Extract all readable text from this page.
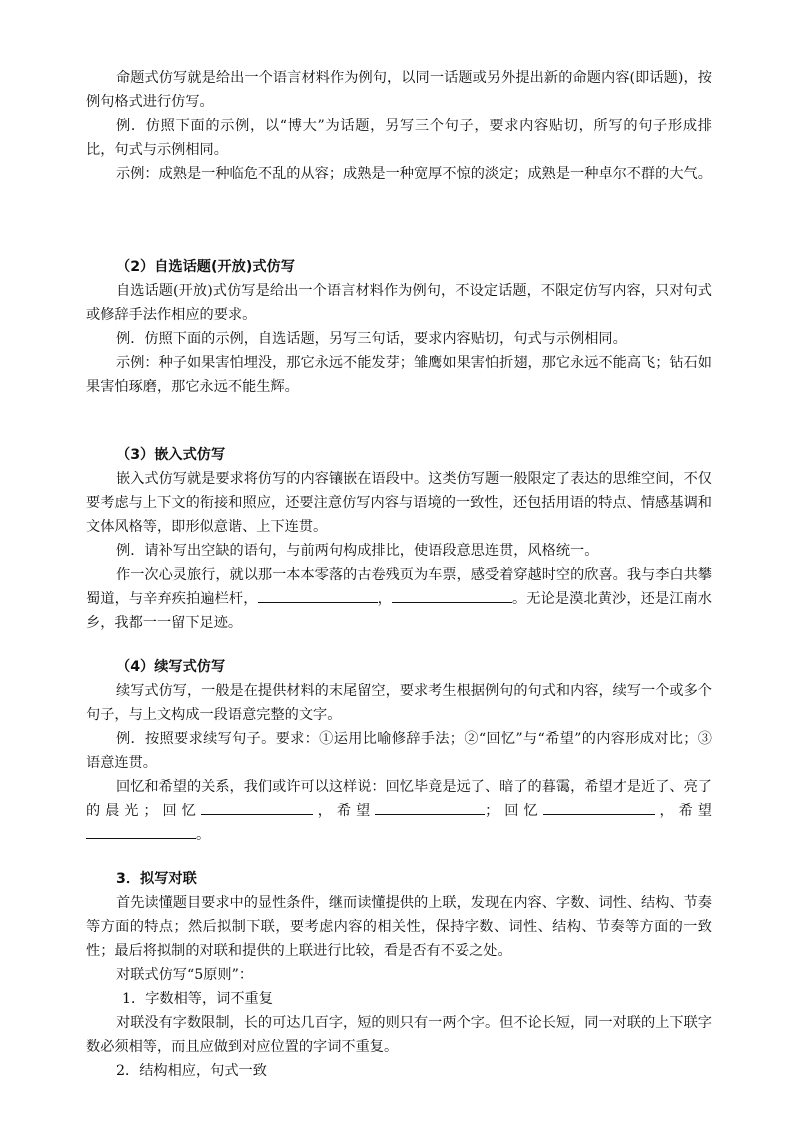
命题式仿写就是给出一个语言材料作为例句，以同一话题或另外提出新的命题内容(即话题)，按例句格式进行仿写。

例．仿照下面的示例，以“博大”为话题，另写三个句子，要求内容贴切，所写的句子形成排比，句式与示例相同。

示例：成熟是一种临危不乱的从容；成熟是一种宽厚不惊的淡定；成熟是一种卓尔不群的大气。

（2）自选话题(开放)式仿写

自选话题(开放)式仿写是给出一个语言材料作为例句，不设定话题，不限定仿写内容，只对句式或修辞手法作相应的要求。

例．仿照下面的示例，自选话题，另写三句话，要求内容贴切，句式与示例相同。

示例：种子如果害怕埋没，那它永远不能发芽；雏鹰如果害怕折翅，那它永远不能高飞；钻石如果害怕琢磨，那它永远不能生辉。

（3）嵌入式仿写

嵌入式仿写就是要求将仿写的内容镶嵌在语段中。这类仿写题一般限定了表达的思维空间，不仅要考虑与上下文的衔接和照应，还要注意仿写内容与语境的一致性，还包括用语的特点、情感基调和文体风格等，即形似意谐、上下连贯。

例．请补写出空缺的语句，与前两句构成排比，使语段意思连贯，风格统一。

作一次心灵旅行，就以那一本本零落的古卷残页为车票，感受着穿越时空的欣喜。我与李白共攀蜀道，与辛弃疾拍遍栏杆，	，	。无论是漠北黄沙，还是江南水乡，我都一一留下足迹。

（4）续写式仿写

续写式仿写，一般是在提供材料的末尾留空，要求考生根据例句的句式和内容，续写一个或多个句子，与上文构成一段语意完整的文字。

例．按照要求续写句子。要求：①运用比喻修辞手法；②“回忆”与“希望”的内容形成对比；③语意连贯。

回忆和希望的关系，我们或许可以这样说：回忆毕竟是远了、暗了的暮霭，希望才是近了、亮了的晨光；回忆	，希望	；回忆	，希望。

3．拟写对联

首先读懂题目要求中的显性条件，继而读懂提供的上联，发现在内容、字数、词性、结构、节奏等方面的特点；然后拟制下联，要考虑内容的相关性，保持字数、词性、结构、节奏等方面的一致性；最后将拟制的对联和提供的上联进行比较，看是否有不妥之处。

对联式仿写“5原则”：

1．字数相等，词不重复

对联没有字数限制，长的可达几百字，短的则只有一两个字。但不论长短，同一对联的上下联字数必须相等，而且应做到对应位置的字词不重复。

2．结构相应，句式一致
